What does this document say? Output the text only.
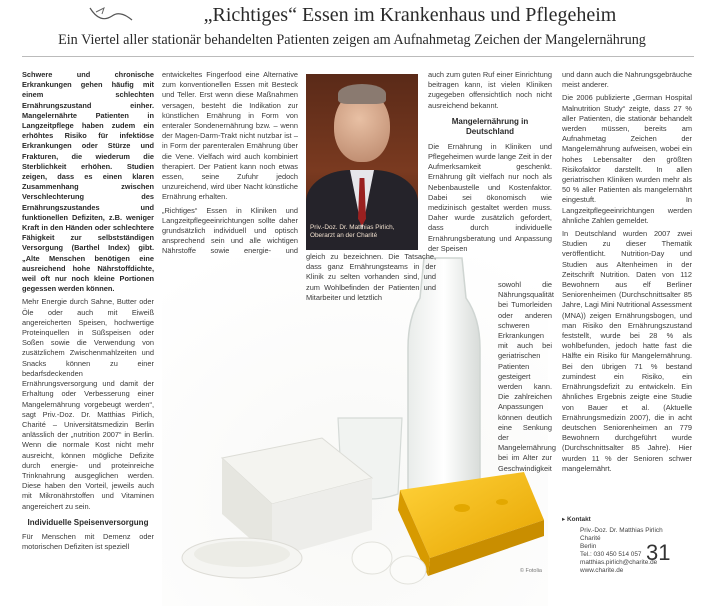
„Richtiges“ Essen im Krankenhaus und Pflegeheim
Ein Viertel aller stationär behandelten Patienten zeigen am Aufnahmetag Zeichen der Mangelernährung

Schwere und chronische Erkrankungen gehen häufig mit einem schlechten Ernährungszustand einher. Mangelernährte Patienten in Langzeitpflege haben zudem ein erhöhtes Risiko für infektiöse Erkrankungen oder Stürze und Frakturen, die wiederum die Sterblichkeit erhöhen. Studien zeigen, dass es einen klaren Zusammenhang zwischen Verschlechterung des Ernährungszustandes und funktionellen Defiziten, z.B. weniger Kraft in den Händen oder schlechtere Fähigkeit zur selbstständigen Versorgung (Barthel Index) gibt. „Alte Menschen benötigen eine ausreichend hohe Nährstoffdichte, weil oft nur noch kleine Portionen gegessen werden können.

Mehr Energie durch Sahne, Butter oder Öle oder auch mit Eiweiß angereicherten Speisen, hochwertige Proteinquellen in Süßspeisen oder Soßen sowie die Verwendung von zusätzlichem Zwischenmahlzeiten und Snacks können zu einer bedarfsdeckenden Ernährungsversorgung und damit der Erhaltung oder Verbesserung einer Mangelernährung vorgebeugt werden“, sagt Priv.-Doz. Dr. Matthias Pirlich, Charité – Universitätsmedizin Berlin anlässlich der „nutrition 2007“ in Berlin. Wenn die normale Kost nicht mehr ausreicht, können mögliche Defizite durch energie- und proteinreiche Trinknahrung ausgeglichen werden. Diese haben den Vorteil, jeweils auch mit Mikronährstoffen und Vitaminen angereichert zu sein.

Individuelle Speisenversorgung

Für Menschen mit Demenz oder motorischen Defiziten ist speziell

entwickeltes Fingerfood eine Alternative zum konventionellen Essen mit Besteck und Teller. Erst wenn diese Maßnahmen versagen, besteht die Indikation zur künstlichen Ernährung in Form von enteraler Sondenernährung bzw. – wenn der Magen-Darm-Trakt nicht nutzbar ist – in Form der parenteralen Ernährung über die Vene. Vielfach wird auch kombiniert therapiert. Der Patient kann noch etwas essen, seine Zufuhr jedoch unzureichend, wird über Nacht künstliche Ernährung erhalten.

„Richtiges“ Essen in Kliniken und Langzeitpflegeeinrichtungen sollte daher grundsätzlich individuell und optisch ansprechend sein und alle wichtigen Nährstoffe sowie energie- und

Priv.-Doz. Dr. Matthias Pirlich,
Oberarzt an der Charité
gleich zu bezeichnen. Die Tatsache, dass ganz Ernährungsteams in der Klinik zu selten vorhanden sind, und zum Wohlbefinden der Patienten und Mitarbeiter und letztlich
© Fotolia

auch zum guten Ruf einer Einrichtung beitragen kann, ist vielen Kliniken zugegeben offensichtlich noch nicht ausreichend bekannt.

Mangelernährung in Deutschland

Die Ernährung in Kliniken und Pflegeheimen wurde lange Zeit in der Aufmerksamkeit geschenkt. Ernährung gilt vielfach nur noch als Nebenbaustelle und Kostenfaktor. Dabei sei ökonomisch wie medizinisch gestaltet werden muss. Daher wurde zusätzlich gefordert, dass durch individuelle Ernährungsberatung und Anpassung der Speisen

sowohl die Nährungsqualität bei Tumorleiden oder anderen schweren Erkrankungen mit auch bei geriatrischen Patienten gesteigert werden kann. Die zahlreichen Anpassungen können deutlich eine Senkung der Mangelernährung bei im Alter zur Geschwindigkeit

und dann auch die Nahrungsgebräuche meist anderer.

Die 2006 publizierte „German Hospital Malnutrition Study“ zeigte, dass 27 % aller Patienten, die stationär behandelt werden müssen, bereits am Aufnahmetag Zeichen der Mangelernährung aufweisen, wobei ein hohes Lebensalter den größten Risikofaktor darstellt. In allen geriatrischen Kliniken wurden mehr als 50 % aller Patienten als mangelernährt eingestuft. In Langzeitpflegeeinrichtungen werden ähnliche Zahlen gemeldet.

In Deutschland wurden 2007 zwei Studien zu dieser Thematik veröffentlicht. Nutrition-Day und Studien aus Altenheimen in der Zeitschrift Nutrition. Daten von 112 Bewohnern aus elf Berliner Seniorenheimen (Durchschnittsalter 85 Jahre, Lagi Mini Nutritional Assessment (MNA)) zeigen Ernährungsbogen, und man Risiko den Ernährungszustand feststellt, wurde bei 28 % als wohlbefunden, jedoch hatte fast die Hälfte ein Risiko für Mangelernährung. Bei den übrigen 71 % bestand zumindest ein Risiko, ein Ernährungsdefizit zu entwickeln. Ein ähnliches Ergebnis zeigte eine Studie von Bauer et al. (Aktuelle Ernährungsmedizin 2007), die in acht deutschen Seniorenheimen an 779 Bewohnern durchgeführt wurde (Durchschnittsalter 85 Jahre). Hier wurden 11 % der Senioren schwer mangelernährt.

▸ Kontakt
Priv.-Doz. Dr. Matthias Pirlich
Charité
Berlin
Tel.: 030 450 514 057
matthias.pirlich@charite.de
www.charite.de
31
